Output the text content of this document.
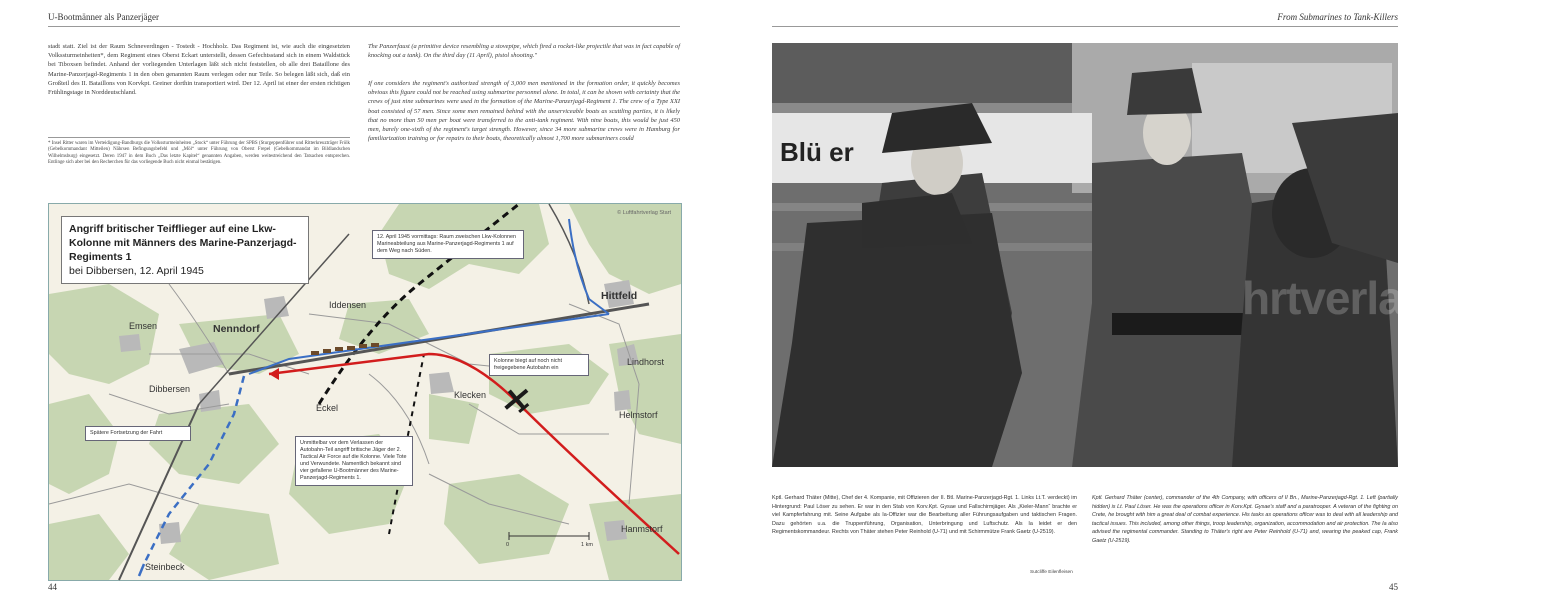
U-Bootmänner als Panzerjäger
stadt statt. Ziel ist der Raum Schneverdingen - Tostedt - Hochholz. Das Regiment ist, wie auch die eingesetzten Volkssturmeinheiten*, dem Regiment eines Oberst Eckart unterstellt, dessen Gefechtsstand sich in einem Waldstück bei Tiboxsen befindet. Anhand der vorliegenden Unterlagen läßt sich nicht feststellen, ob alle drei Bataillone des Marine-Panzerjagd-Regiments 1 in den oben genannten Raum verlegen oder nur Teile. So belegen läßt sich, daß ein Großteil des II. Bataillons von Korvkpt. Greiner dorthin transportiert wird. Der 12. April ist einer der ersten richtigen Frühlingstage in Norddeutschland.
* Insel Ritter waren im Verteidigung-Bandburgs die Volkssturmeinheiten „Stock“ unter Führung der SPBS (Sturgeppenführer und Ritterkreuzträger Frölk (Gebelkommandant Mitteilen) Nährsen Befingungsbefehl und „Möl“ unter Führung von Oberst Frepel (Gebelkommandat im Bildlandschen Wilhelmsburg) eingesetzt. Deren 1947 in dem Buch „Das letzte Kapitel“ genannten Angaben, werden weitestreichend den Tatsachen entsprechen. Entlinge sich aber bei den Recherchen für das vorliegende Buch nicht einmal bestätigen.
The Panzerfaust (a primitive device resembling a stovepipe, which fired a rocket-like projectile that was in fact capable of knocking out a tank). On the third day (11 April), pistol shooting."
If one considers the regiment's authorized strength of 3,000 men mentioned in the formation order, it quickly becomes obvious this figure could not be reached using submarine personnel alone. In total, it can be shown with certainty that the crews of just nine submarines were used in the formation of the Marine-Panzerjagd-Regiment 1. The crew of a Type XXI boat consisted of 57 men. Since some men remained behind with the unserviceable boats as scuttling parties, it is likely that no more than 50 men per boat were transferred to the anti-tank regiment. With nine boats, this would be just 450 men, barely one-sixth of the regiment's target strength. However, since 34 more submarine crews were in Hamburg for familiarization training or for repairs to their boats, theoretically almost 1,700 more submariners could
Angriff britischer Teifflieger auf eine Lkw-Kolonne mit Männers des Marine-Panzerjagd-Regiments 1
bei Dibbersen, 12. April 1945
© Luftfahrtverlag Start
Iddensen
Hittfeld
Emsen	Nenndorf
Dibbersen
Eckel
Klecken
Lindhorst
Helmstorf
Hanmstorf
Steinbeck
12. April 1945 vormittags: Raum zweischen Lkw-Kolonnen Marineabteilung aus Marine-Panzerjagd-Regiments 1 auf dem Weg nach Süden.
Kolonne biegt auf noch nicht freigegebene Autobahn ein
Spätere Fortsetzung der Fahrt
Unmittelbar vor dem Verlassen der Autobahn-Teil angriff britische Jäger der 2. Tactical Air Force auf die Kolonne. Viele Tote und Verwundete. Namentlich bekannt sind vier gefallene U-Bootmänner des Marine-Panzerjagd-Regiments 1.
0	1 km
44
From Submarines to Tank-Killers
Blü er
hrtverlag-Start
Kptl. Gerhard Thäter (Mitte), Chef der 4. Kompanie, mit Offizieren der II. Btl. Marine-Panzerjagd-Rgt. 1. Links Lt.T. verdeckt) im Hintergrund: Paul Löser zu sehen. Er war in den Stab von Korv.Kpt. Gysae und Fallschirmjäger. Als „Kieler-Mann“ brachte er viel Kampferfahrung mit. Seine Aufgabe als Ia-Offizier war die Bearbeitung aller Führungsaufgaben und taktischen Fragen. Dazu gehörten u.a. die Truppenführung, Organisation, Unterbringung und Luftschutz. Als Ia leidet er den Regimentskommandeur. Rechts von Thäter stehen Peter Reinhold (U-71) und mit Schirmmütze Frank Gaetz (U-2519).
Kptl. Gerhard Thäter (center), commander of the 4th Company, with officers of II Bn., Marine-Panzerjagd-Rgt. 1. Left (partially hidden) is Lt. Paul Löser. He was the operations officer in Korv.Kpt. Gysae's staff and a paratrooper. A veteran of the fighting on Crete, he brought with him a great deal of combat experience. His tasks as operations officer was to deal with all leadership and tactical issues. This included, among other things, troop leadership, organization, accommodation and air protection. The Ia also advised the regimental commander. Standing to Thäter's right are Peter Reinhold (U-71) and, wearing the peaked cap, Frank Gaetz (U-2519).
Sutcliffe Eilenfleisen
45
